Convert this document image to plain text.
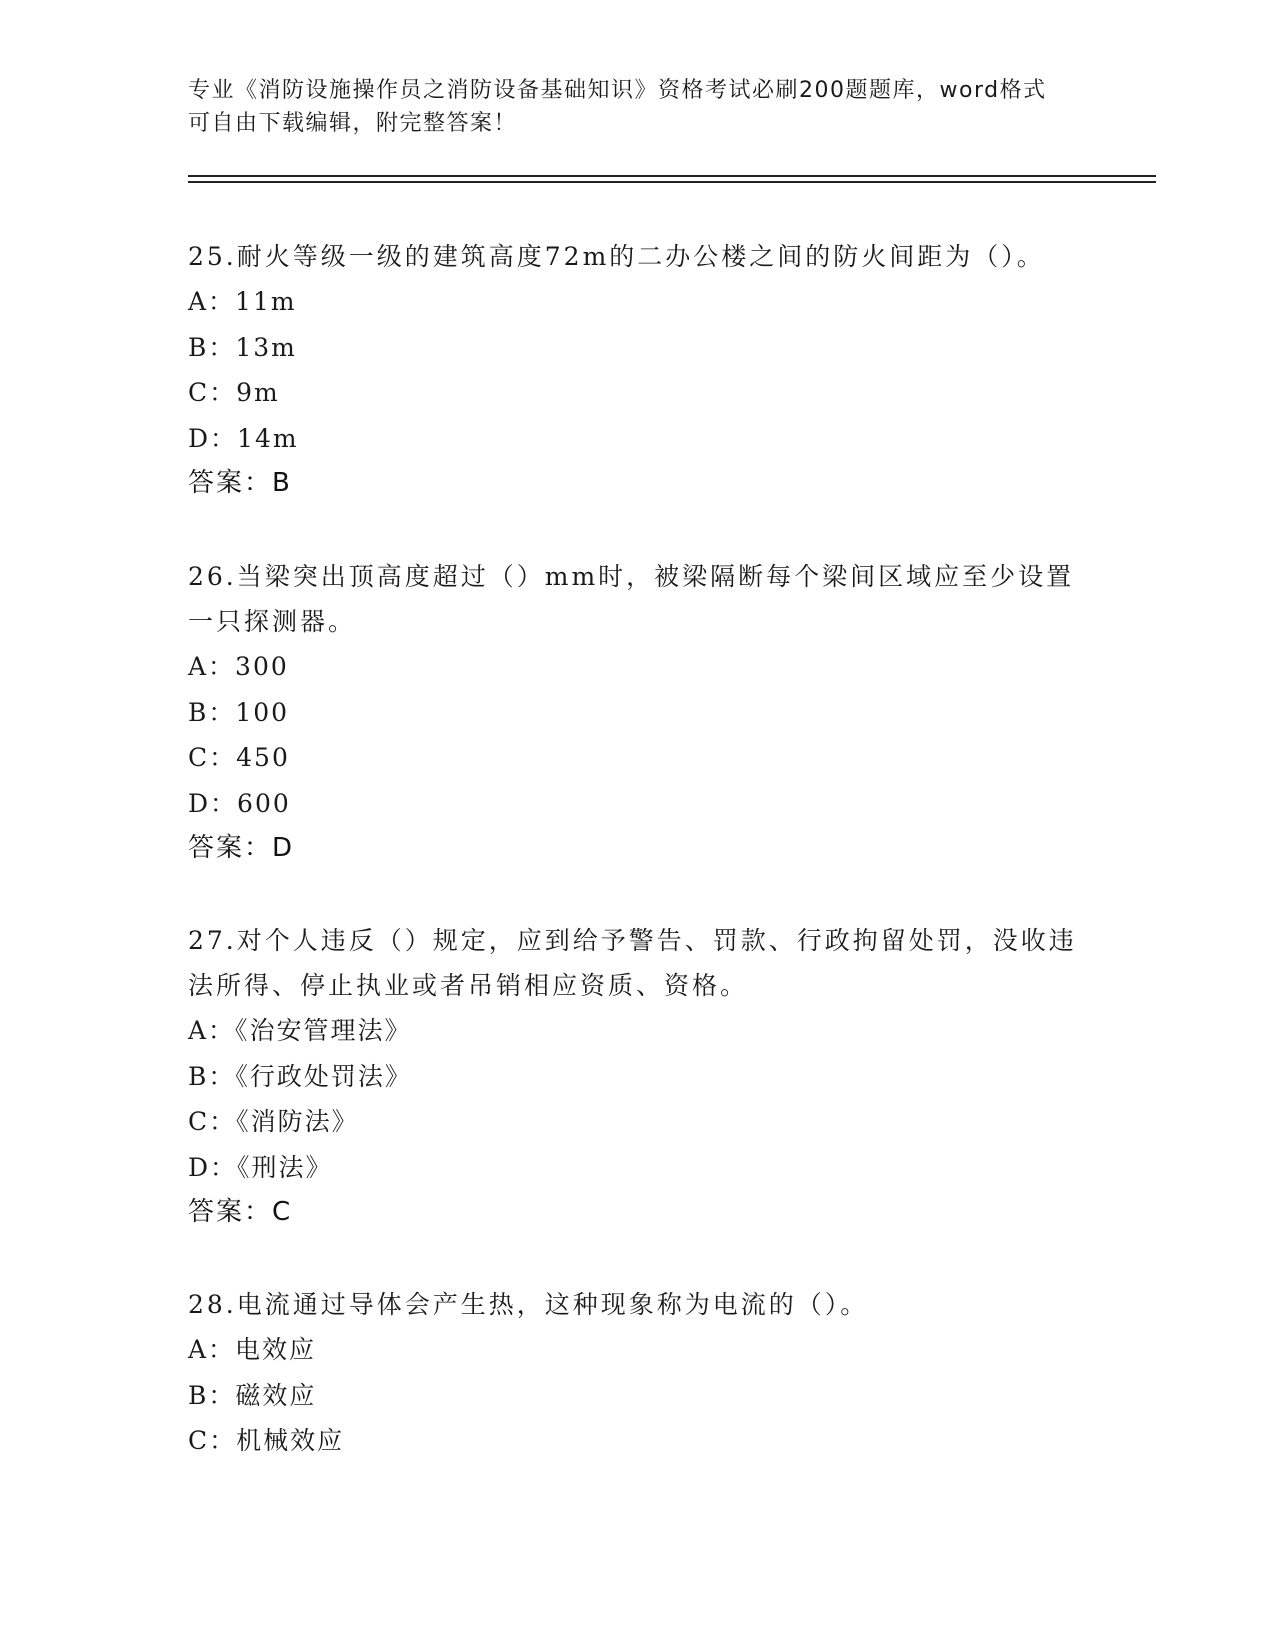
专业《消防设施操作员之消防设备基础知识》资格考试必刷200题题库，word格式可自由下载编辑，附完整答案！

25.耐火等级一级的建筑高度72m的二办公楼之间的防火间距为（）。

A：11m

B：13m

C：9m

D：14m

答案：B

26.当梁突出顶高度超过（）mm时，被梁隔断每个梁间区域应至少设置一只探测器。

A：300

B：100

C：450

D：600

答案：D

27.对个人违反（）规定，应到给予警告、罚款、行政拘留处罚，没收违法所得、停止执业或者吊销相应资质、资格。

A：《治安管理法》

B：《行政处罚法》

C：《消防法》

D：《刑法》

答案：C

28.电流通过导体会产生热，这种现象称为电流的（）。

A：电效应

B：磁效应

C：机械效应
